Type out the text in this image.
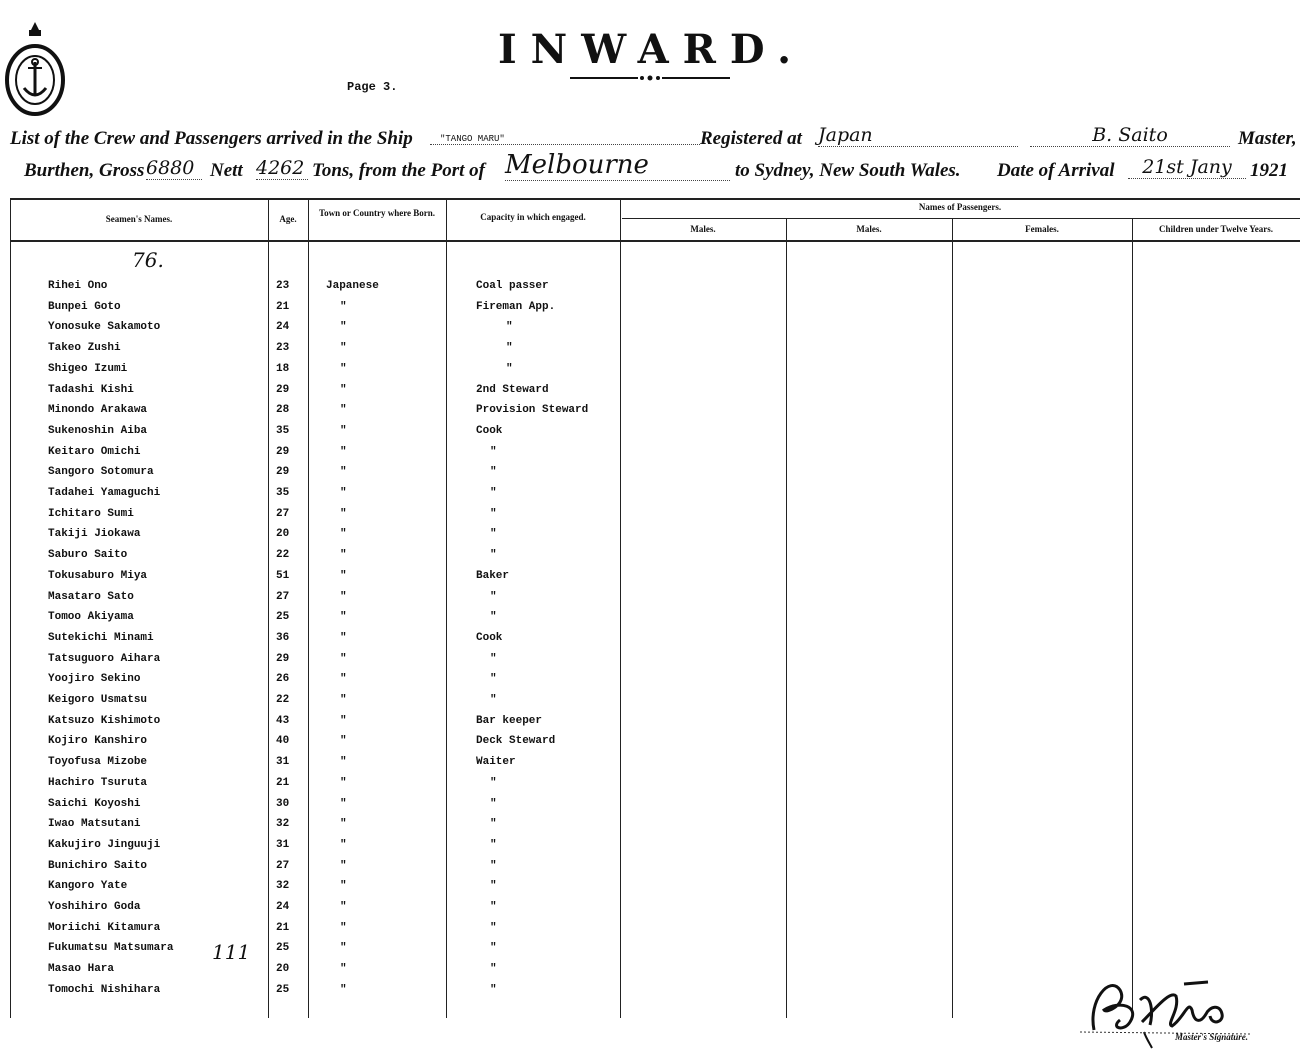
INWARD.
Page 3.
List of the Crew and Passengers arrived in the Ship	"TANGO MARU"	Registered at Japan	B. Saito	Master,
Burthen, Gross 6880 Nett 4262 Tons, from the Port of Melbourne	to Sydney, New South Wales. Date of Arrival	21st Jany 1921
Seamen's Names.	Age.
Town or Country where Born.	Capacity in which engaged.
Names of Passengers.
Males.	Males.	Females.	Children under Twelve Years.
Rihei Ono	23	Japanese	Coal passer
Bunpei Goto	21	"	Fireman App.
Yonosuke Sakamoto	24	"	"
Takeo Zushi	23	"	"
Shigeo Izumi	18	"	"
Tadashi Kishi	29	"	2nd Steward
Minondo Arakawa	28	"	Provision Steward
Sukenoshin Aiba	35	"	Cook
Keitaro Omichi	29	"	"
Sangoro Sotomura	29	"	"
Tadahei Yamaguchi	35	"	"
Ichitaro Sumi	27	"	"
Takiji Jiokawa	20	"	"
Saburo Saito	22	"	"
Tokusaburo Miya	51	"	Baker
Masataro Sato	27	"	"
Tomoo Akiyama	25	"	"
Sutekichi Minami	36	"	Cook
Tatsuguoro Aihara	29	"	"
Yoojiro Sekino	26	"	"
Keigoro Usmatsu	22	"	"
Katsuzo Kishimoto	43	"	Bar keeper
Kojiro Kanshiro	40	"	Deck Steward
Toyofusa Mizobe	31	"	Waiter
Hachiro Tsuruta	21	"	"
Saichi Koyoshi	30	"	"
Iwao Matsutani	32	"	"
Kakujiro Jinguuji	31	"	"
Bunichiro Saito	27	"	"
Kangoro Yate	32	"	"
Yoshihiro Goda	24	"	"
Moriichi Kitamura	21	"	"
Fukumatsu Matsumara	25	"	"
Masao Hara	20	"	"
Tomochi Nishihara	25	"	"
76.
111
Master's Signature.
